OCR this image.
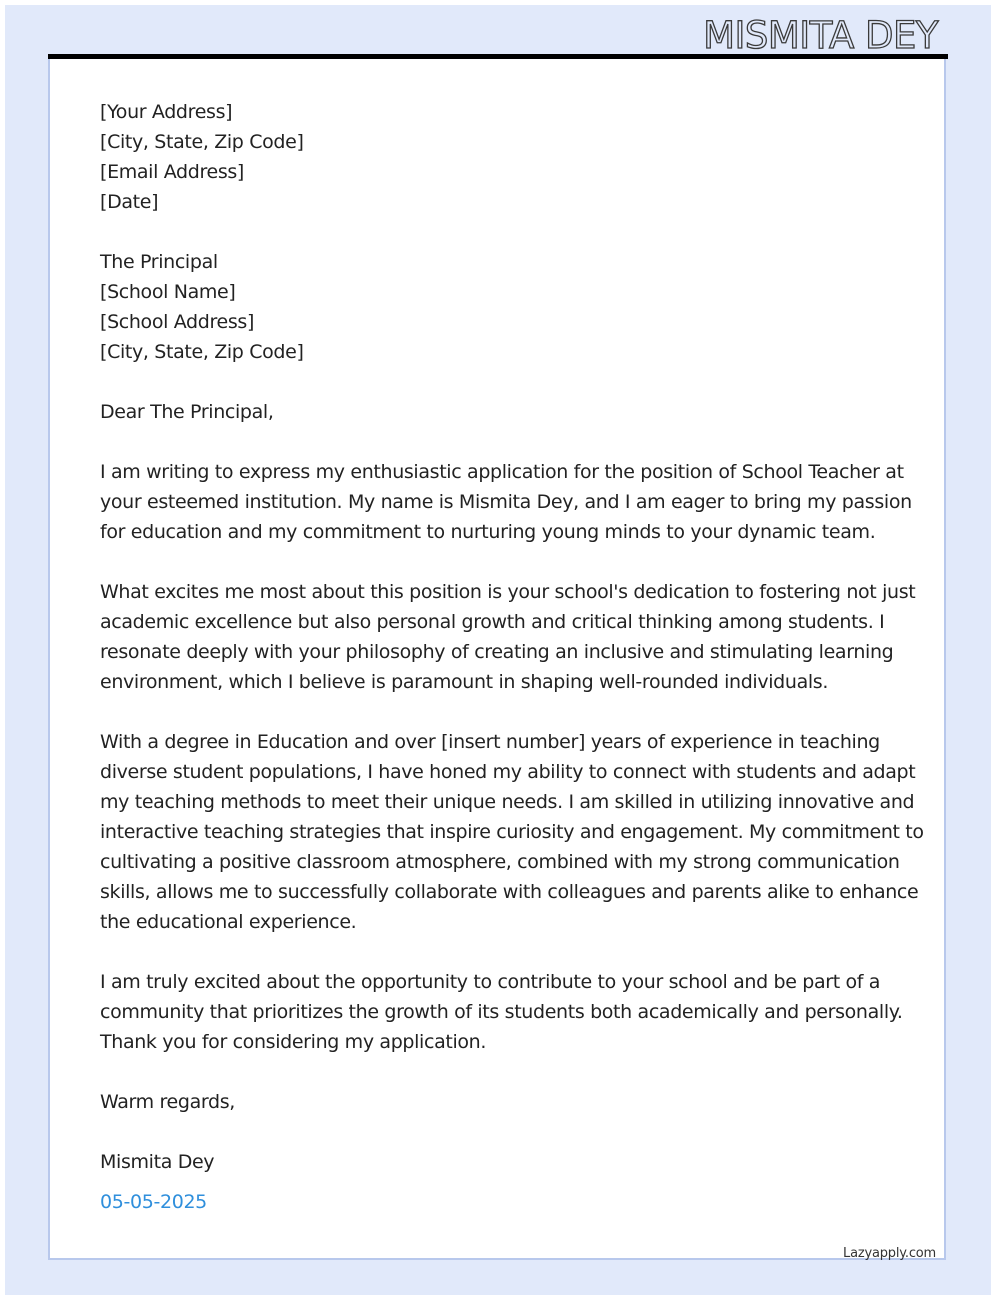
MISMITA DEY
[Your Address]
[City, State, Zip Code]
[Email Address]
[Date]
The Principal
[School Name]
[School Address]
[City, State, Zip Code]
Dear The Principal,
I am writing to express my enthusiastic application for the position of School Teacher at
your esteemed institution. My name is Mismita Dey, and I am eager to bring my passion
for education and my commitment to nurturing young minds to your dynamic team.
What excites me most about this position is your school's dedication to fostering not just
academic excellence but also personal growth and critical thinking among students. I
resonate deeply with your philosophy of creating an inclusive and stimulating learning
environment, which I believe is paramount in shaping well-rounded individuals.
With a degree in Education and over [insert number] years of experience in teaching
diverse student populations, I have honed my ability to connect with students and adapt
my teaching methods to meet their unique needs. I am skilled in utilizing innovative and
interactive teaching strategies that inspire curiosity and engagement. My commitment to
cultivating a positive classroom atmosphere, combined with my strong communication
skills, allows me to successfully collaborate with colleagues and parents alike to enhance
the educational experience.
I am truly excited about the opportunity to contribute to your school and be part of a
community that prioritizes the growth of its students both academically and personally.
Thank you for considering my application.
Warm regards,
Mismita Dey
05-05-2025
Lazyapply.com
